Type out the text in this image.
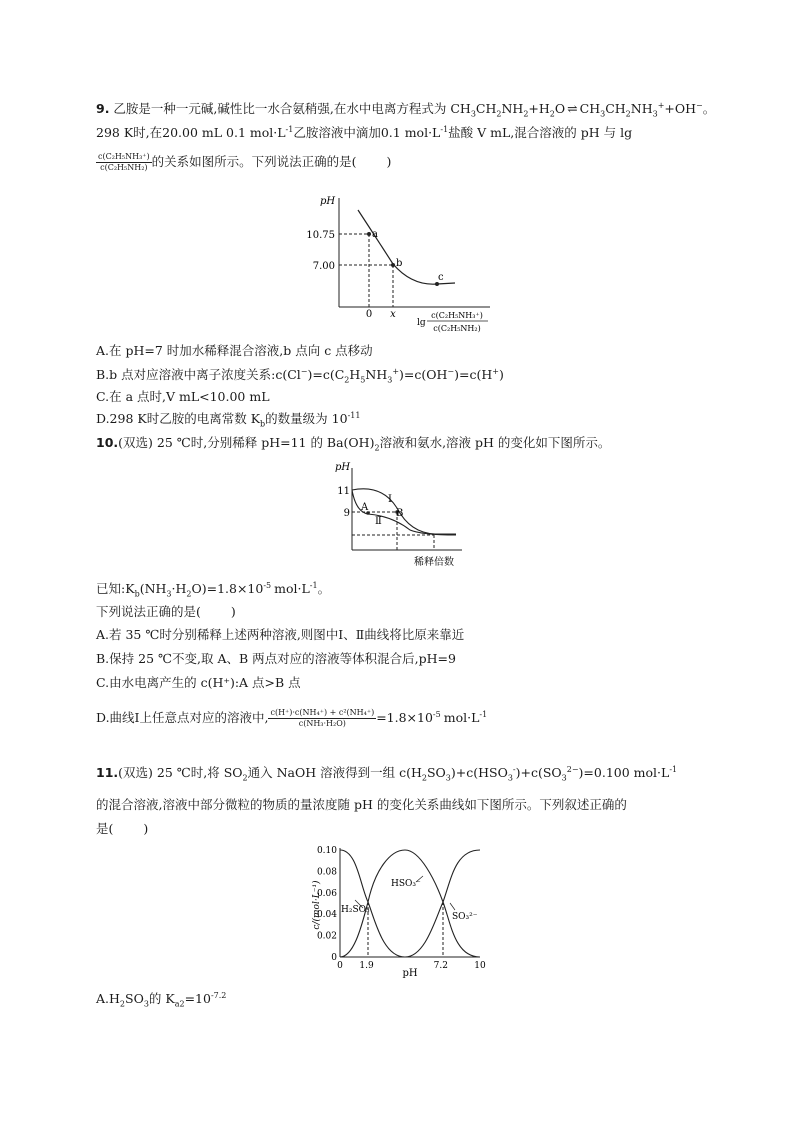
9. 乙胺是一种一元碱,碱性比一水合氨稍强,在水中电离方程式为 $CH_3CH_2NH_2+H_2O$ ⇌ $CH_3CH_2NH_3^++OH^-$。
298 K时,在20.00 mL 0.1 $mol\cdot L^{-1}$乙胺溶液中滴加0.1 $mol\cdot L^{-1}$盐酸 V mL,混合溶液的 pH 与 lg
$\frac{\text{c(C₂H₅NH₃⁺)}}{\text{c(C₂H₅NH₂)}}$ 的关系如图所示。下列说法正确的是( )
pH
a
b
c
10.75
7.00
0 x
lg
c(C₂H₅NH₃⁺)
c(C₂H₅NH₂)
A.在 pH=7 时加水稀释混合溶液,b 点向 c 点移动
B.b 点对应溶液中离子浓度关系$:c(Cl^-)=c(C_2H_5NH_3^+)=c(OH^-)=c(H^+)$
C.在 a 点时,V mL<10.00 mL
D.298 K时乙胺的电离常数 $K_b$的数量级为 $10^{-11}$
10.(双选) 25 ℃时,分别稀释 pH=11 的 $Ba(OH)_2$溶液和氨水,溶液 pH 的变化如下图所示。
pH
A
B
Ⅰ
Ⅱ
11
9
稀释倍数
已知$:K_b(NH_3\cdot H_2O)=1.8\times 10^{-5}$ $mol\cdot L^{-1}$。
下列说法正确的是( )
A.若 35 ℃时分别稀释上述两种溶液,则图中Ⅰ、Ⅱ曲线将比原来靠近
B.保持 25 ℃不变,取 A、B 两点对应的溶液等体积混合后,pH=9
C.由水电离产生的 c(H⁺):A 点>B 点
D.曲线Ⅰ上任意点对应的溶液中, $\frac{\text{c(H⁺)·c(NH₄⁺) + c²(NH₄⁺)}}{\text{c(NH₃·H₂O)}} =1.8\times 10^{-5}$ $mol\cdot L^{-1}$
11.(双选) 25 ℃时,将 $SO_2$通入 NaOH 溶液得到一组 $c(H_2SO_3)+c(HSO_3^-)+c(SO_3^{2-})=0.100$ $mol\cdot L^{-1}$
的混合溶液,溶液中部分微粒的物质的量浓度随 pH 的变化关系曲线如下图所示。下列叙述正确的
是( )
c/(mol·L⁻¹)
0.10
0.08
0.06
0.04
0.02
0
0 1.9	7.2	10
H₂SO₃
HSO₃⁻
SO₃²⁻
pH
$A.H_2SO_3$的 $K_{a2}=10^{-7.2}$
